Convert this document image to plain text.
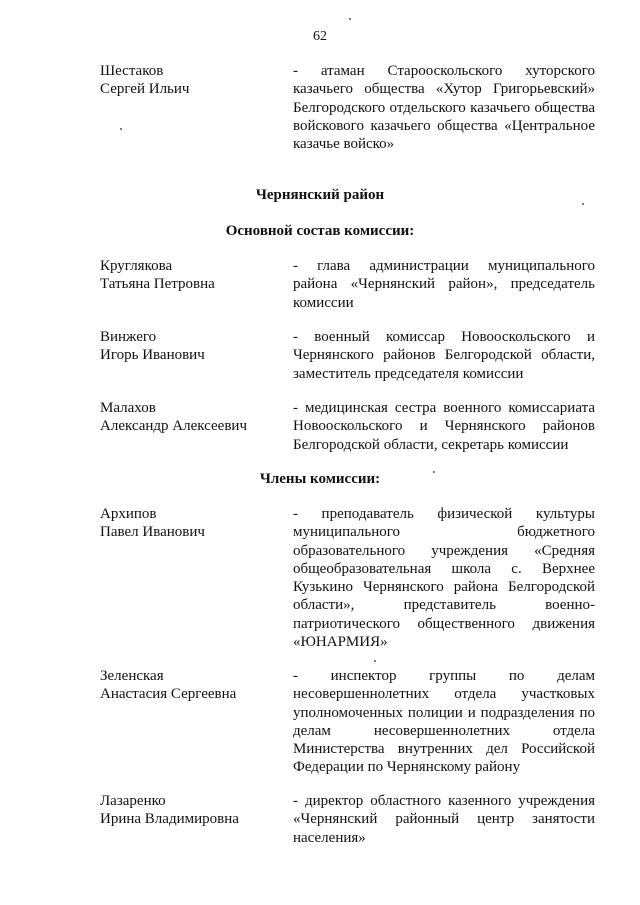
62
Шестаков
Сергей Ильич
- атаман Старооскольского хуторского казачьего общества «Хутор Григорьевский» Белгородского отдельского казачьего общества войскового казачьего общества «Центральное казачье войско»
Чернянский район
Основной состав комиссии:
Круглякова
Татьяна Петровна
- глава администрации муниципального района «Чернянский район», председатель комиссии
Винжего
Игорь Иванович
- военный комиссар Новооскольского и Чернянского районов Белгородской области, заместитель председателя комиссии
Малахов
Александр Алексеевич
- медицинская сестра военного комиссариата Новооскольского и Чернянского районов Белгородской области, секретарь комиссии
Члены комиссии:
Архипов
Павел Иванович
- преподаватель физической культуры муниципального бюджетного образовательного учреждения «Средняя общеобразовательная школа с. Верхнее Кузькино Чернянского района Белгородской области», представитель военно-патриотического общественного движения «ЮНАРМИЯ»
Зеленская
Анастасия Сергеевна
- инспектор группы по делам несовершеннолетних отдела участковых уполномоченных полиции и подразделения по делам несовершеннолетних отдела Министерства внутренних дел Российской Федерации по Чернянскому району
Лазаренко
Ирина Владимировна
- директор областного казенного учреждения «Чернянский районный центр занятости населения»
